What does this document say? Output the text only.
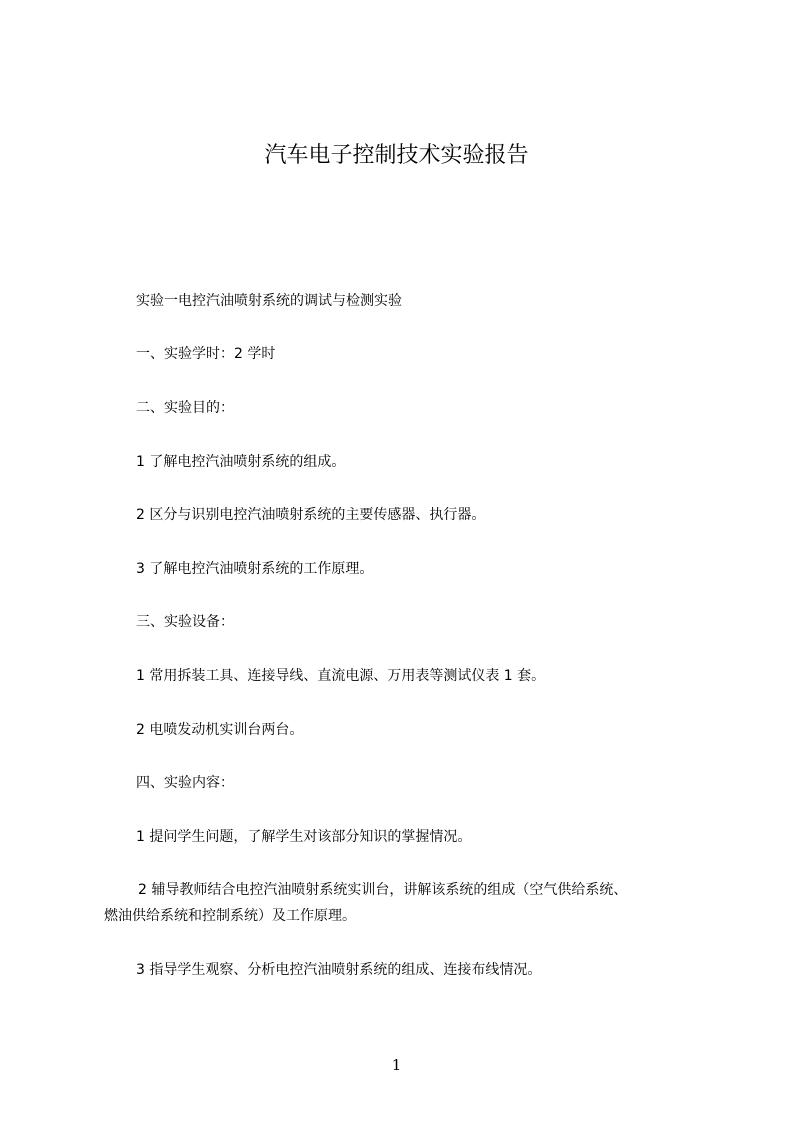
汽车电子控制技术实验报告
实验一电控汽油喷射系统的调试与检测实验
一、实验学时：2 学时
二、实验目的：
1 了解电控汽油喷射系统的组成。
2 区分与识别电控汽油喷射系统的主要传感器、执行器。
3 了解电控汽油喷射系统的工作原理。
三、实验设备：
1 常用拆装工具、连接导线、直流电源、万用表等测试仪表 1 套。
2 电喷发动机实训台两台。
四、实验内容：
1 提问学生问题，了解学生对该部分知识的掌握情况。
2 辅导教师结合电控汽油喷射系统实训台，讲解该系统的组成（空气供给系统、
燃油供给系统和控制系统）及工作原理。
3 指导学生观察、分析电控汽油喷射系统的组成、连接布线情况。
1
